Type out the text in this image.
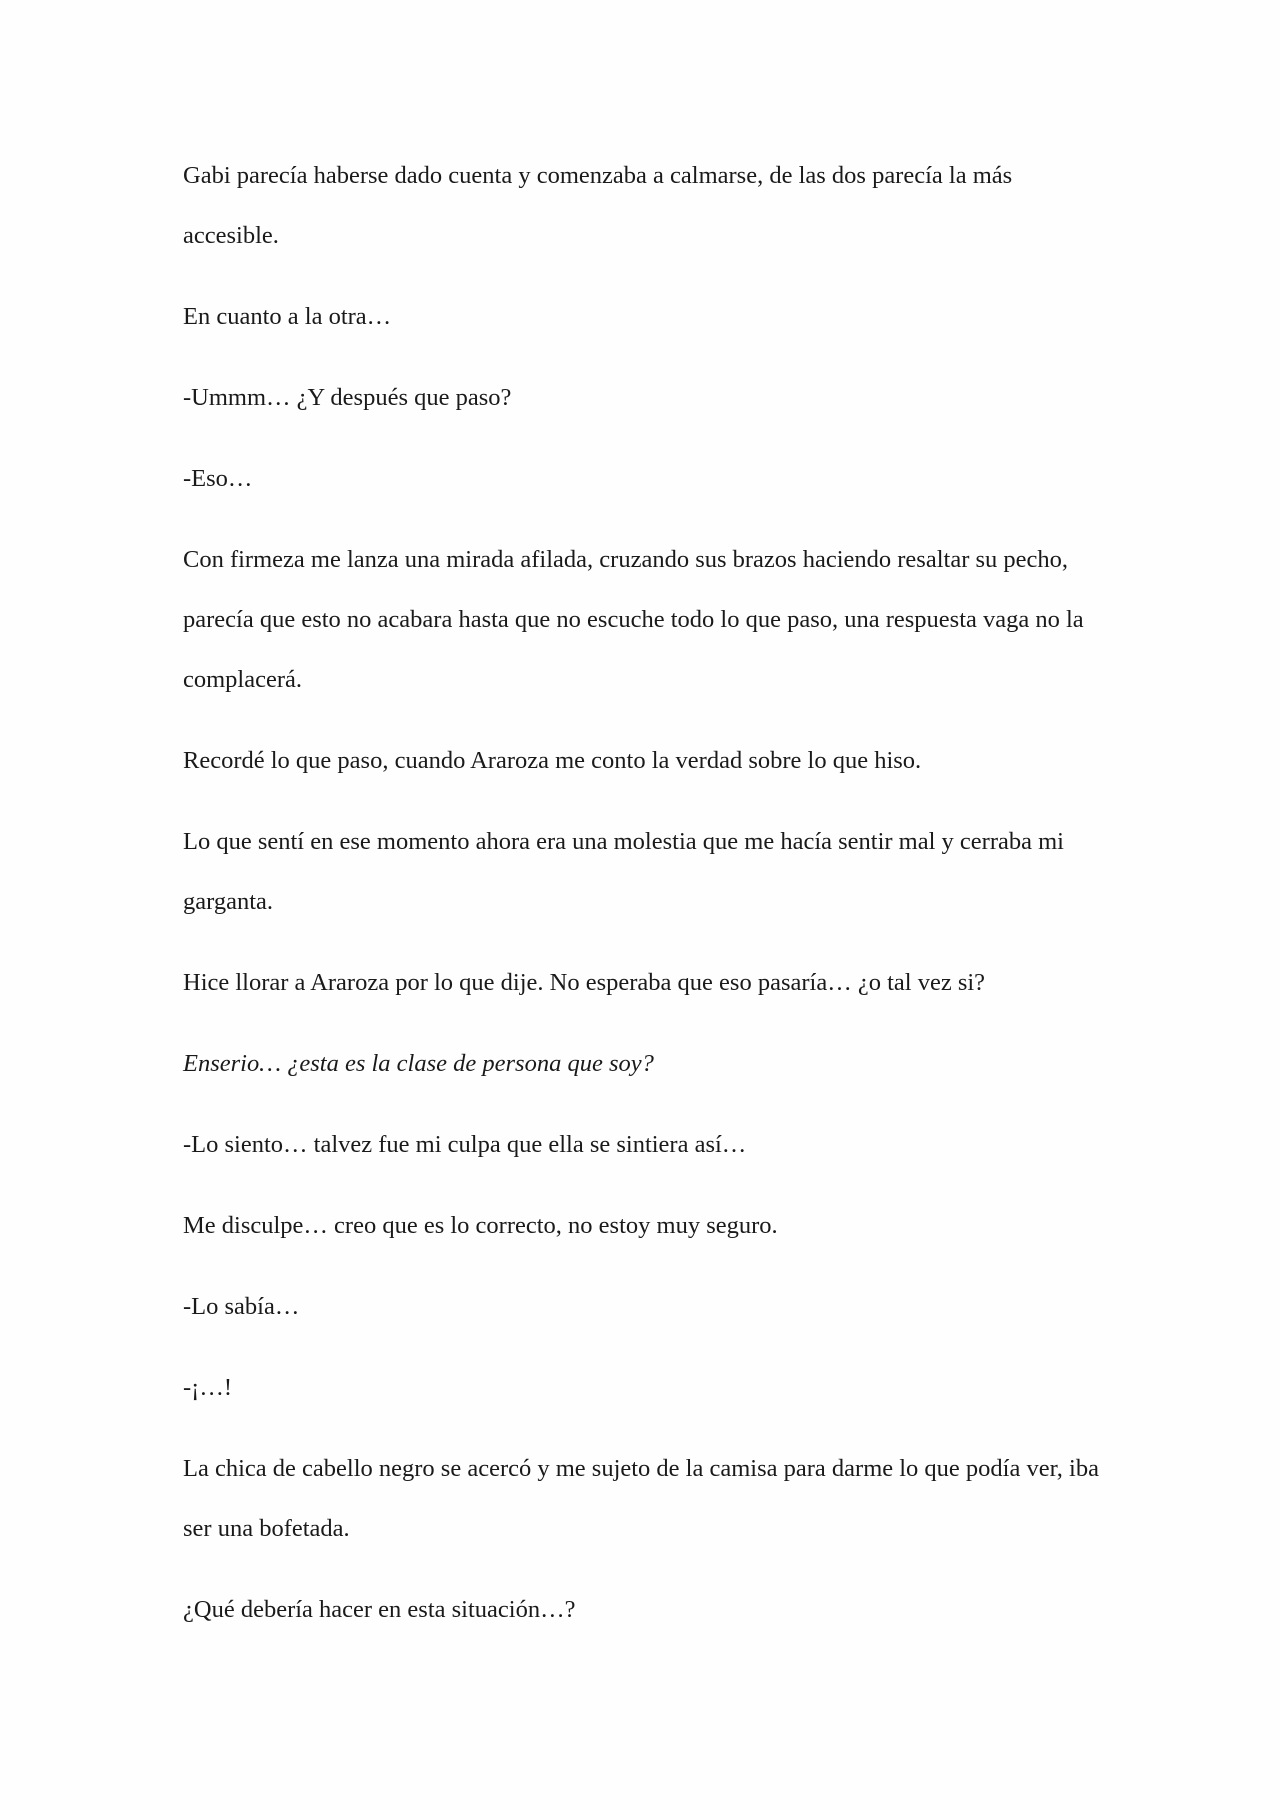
Gabi parecía haberse dado cuenta y comenzaba a calmarse, de las dos parecía la más accesible.

En cuanto a la otra…

-Ummm… ¿Y después que paso?

-Eso…

Con firmeza me lanza una mirada afilada, cruzando sus brazos haciendo resaltar su pecho, parecía que esto no acabara hasta que no escuche todo lo que paso, una respuesta vaga no la complacerá.

Recordé lo que paso, cuando Araroza me conto la verdad sobre lo que hiso.

Lo que sentí en ese momento ahora era una molestia que me hacía sentir mal y cerraba mi garganta.

Hice llorar a Araroza por lo que dije. No esperaba que eso pasaría… ¿o tal vez si?

Enserio… ¿esta es la clase de persona que soy?

-Lo siento… talvez fue mi culpa que ella se sintiera así…

Me disculpe… creo que es lo correcto, no estoy muy seguro.

-Lo sabía…

-¡…!

La chica de cabello negro se acercó y me sujeto de la camisa para darme lo que podía ver, iba ser una bofetada.

¿Qué debería hacer en esta situación…?
